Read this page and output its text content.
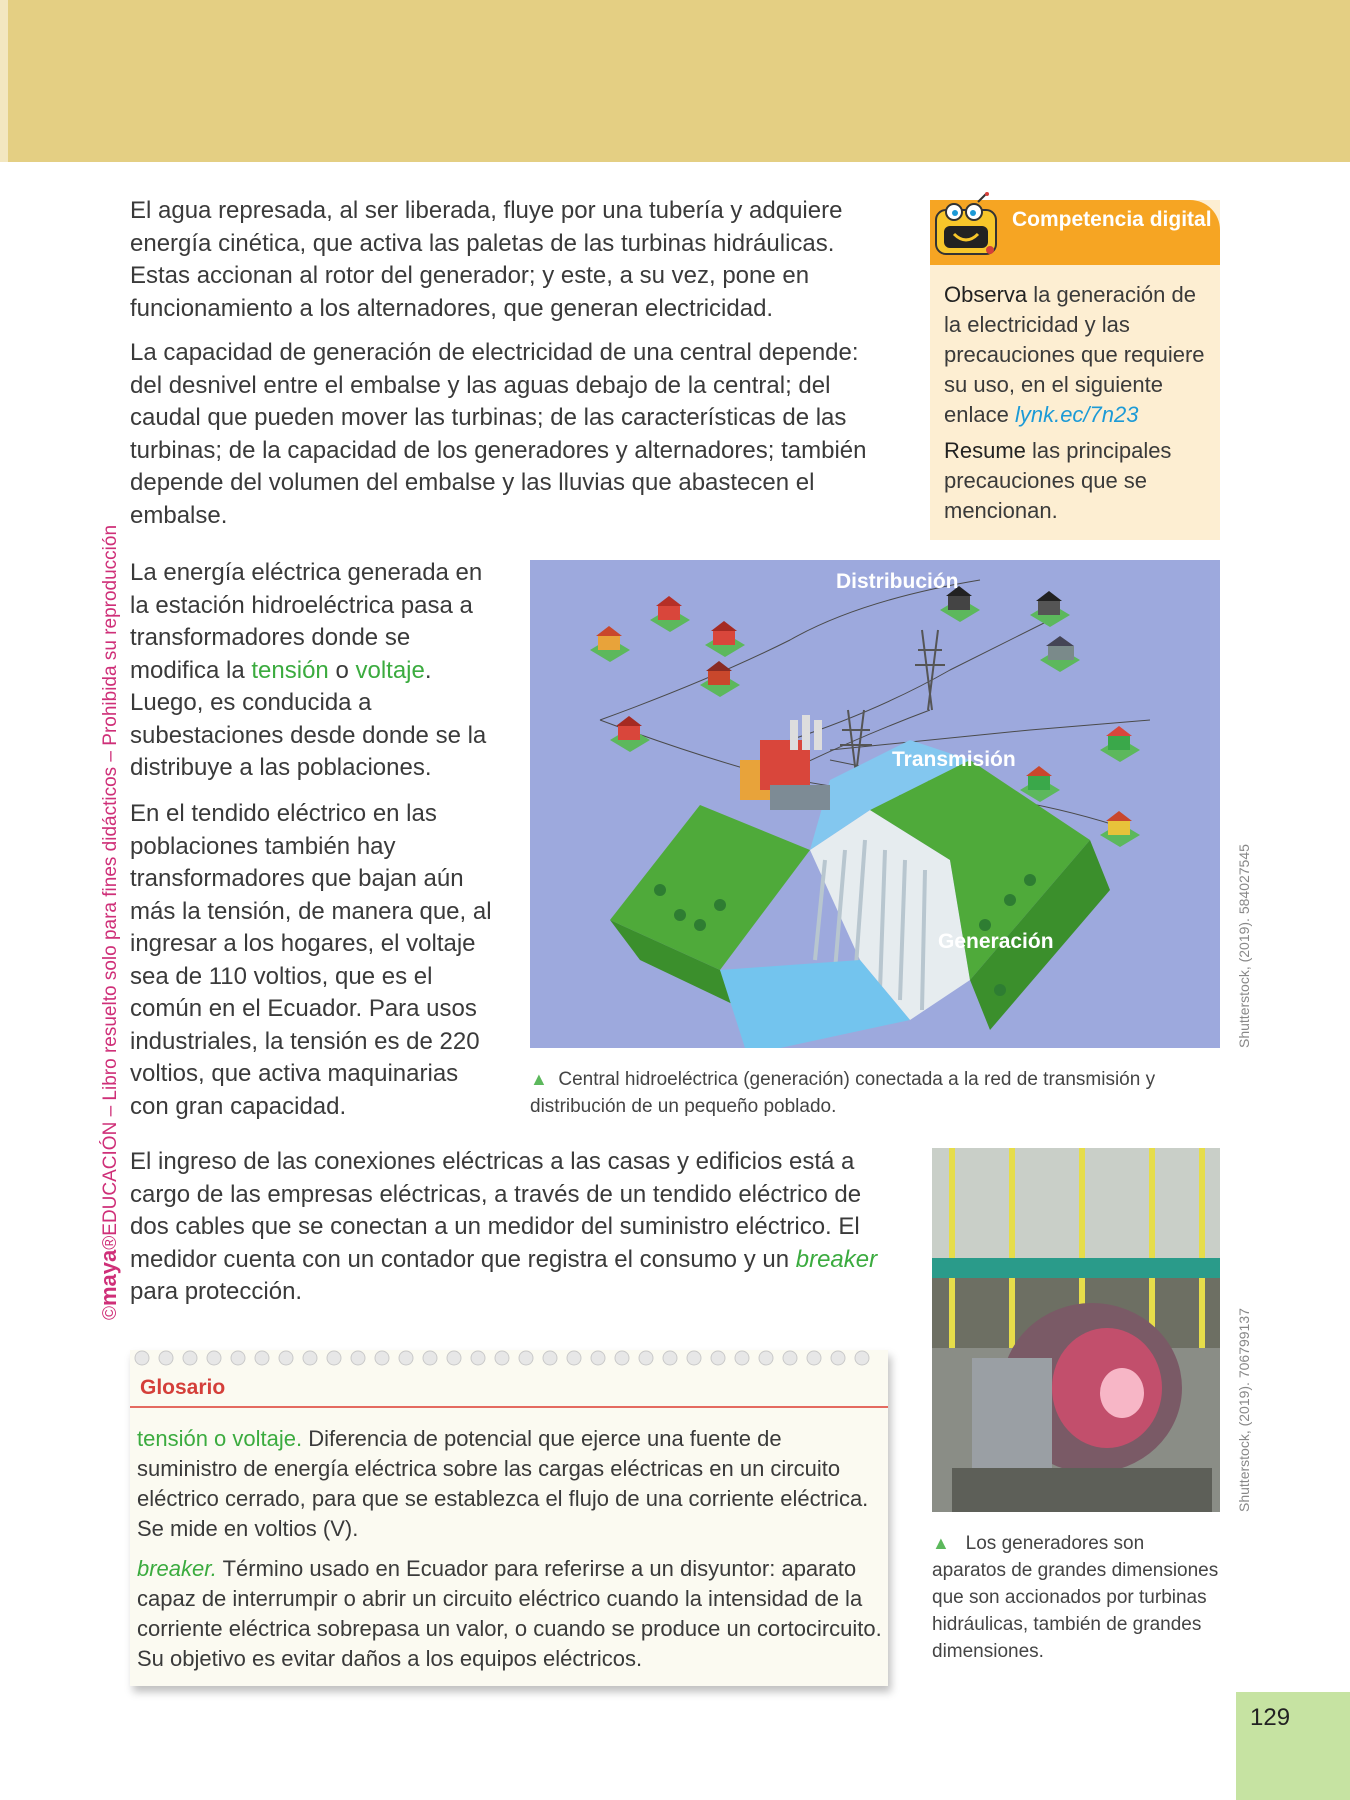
©maya®EDUCACIÓN – Libro resuelto solo para fines didácticos – Prohibida su reproducción

El agua represada, al ser liberada, fluye por una tubería y adquiere energía cinética, que activa las paletas de las turbinas hidráulicas. Estas accionan al rotor del generador; y este, a su vez, pone en funcionamiento a los alternadores, que generan electricidad.

La capacidad de generación de electricidad de una central depende: del desnivel entre el embalse y las aguas debajo de la central; del caudal que pueden mover las turbinas; de las características de las turbinas; de la capacidad de los generadores y alternadores; también depende del volumen del embalse y las lluvias que abastecen el embalse.

La energía eléctrica generada en la estación hidroeléctrica pasa a transformadores donde se modifica la tensión o voltaje. Luego, es conducida a subestaciones desde donde se la distribuye a las poblaciones.

En el tendido eléctrico en las poblaciones también hay transformadores que bajan aún más la tensión, de manera que, al ingresar a los hogares, el voltaje sea de 110 voltios, que es el común en el Ecuador. Para usos industriales, la tensión es de 220 voltios, que activa maquinarias con gran capacidad.

El ingreso de las conexiones eléctricas a las casas y edificios está a cargo de las empresas eléctricas, a través de un tendido eléctrico de dos cables que se conectan a un medidor del suministro eléctrico. El medidor cuenta con un contador que registra el consumo y un breaker para protección.

Competencia digital

Observa la generación de la electricidad y las precauciones que requiere su uso, en el siguiente enlace lynk.ec/7n23

Resume las principales precauciones que se mencionan.

Distribución
Transmisión
Generación	Shutterstock, (2019). 584027545

▲ Central hidroeléctrica (generación) conectada a la red de transmisión y distribución de un pequeño poblado.

Shutterstock, (2019). 706799137

▲ Los generadores son aparatos de grandes dimensiones que son accionados por turbinas hidráulicas, también de grandes dimensiones.

Glosario

tensión o voltaje. Diferencia de potencial que ejerce una fuente de suministro de energía eléctrica sobre las cargas eléctricas en un circuito eléctrico cerrado, para que se establezca el flujo de una corriente eléctrica. Se mide en voltios (V).

breaker. Término usado en Ecuador para referirse a un disyuntor: aparato capaz de interrumpir o abrir un circuito eléctrico cuando la intensidad de la corriente eléctrica sobrepasa un valor, o cuando se produce un cortocircuito. Su objetivo es evitar daños a los equipos eléctricos.

129
